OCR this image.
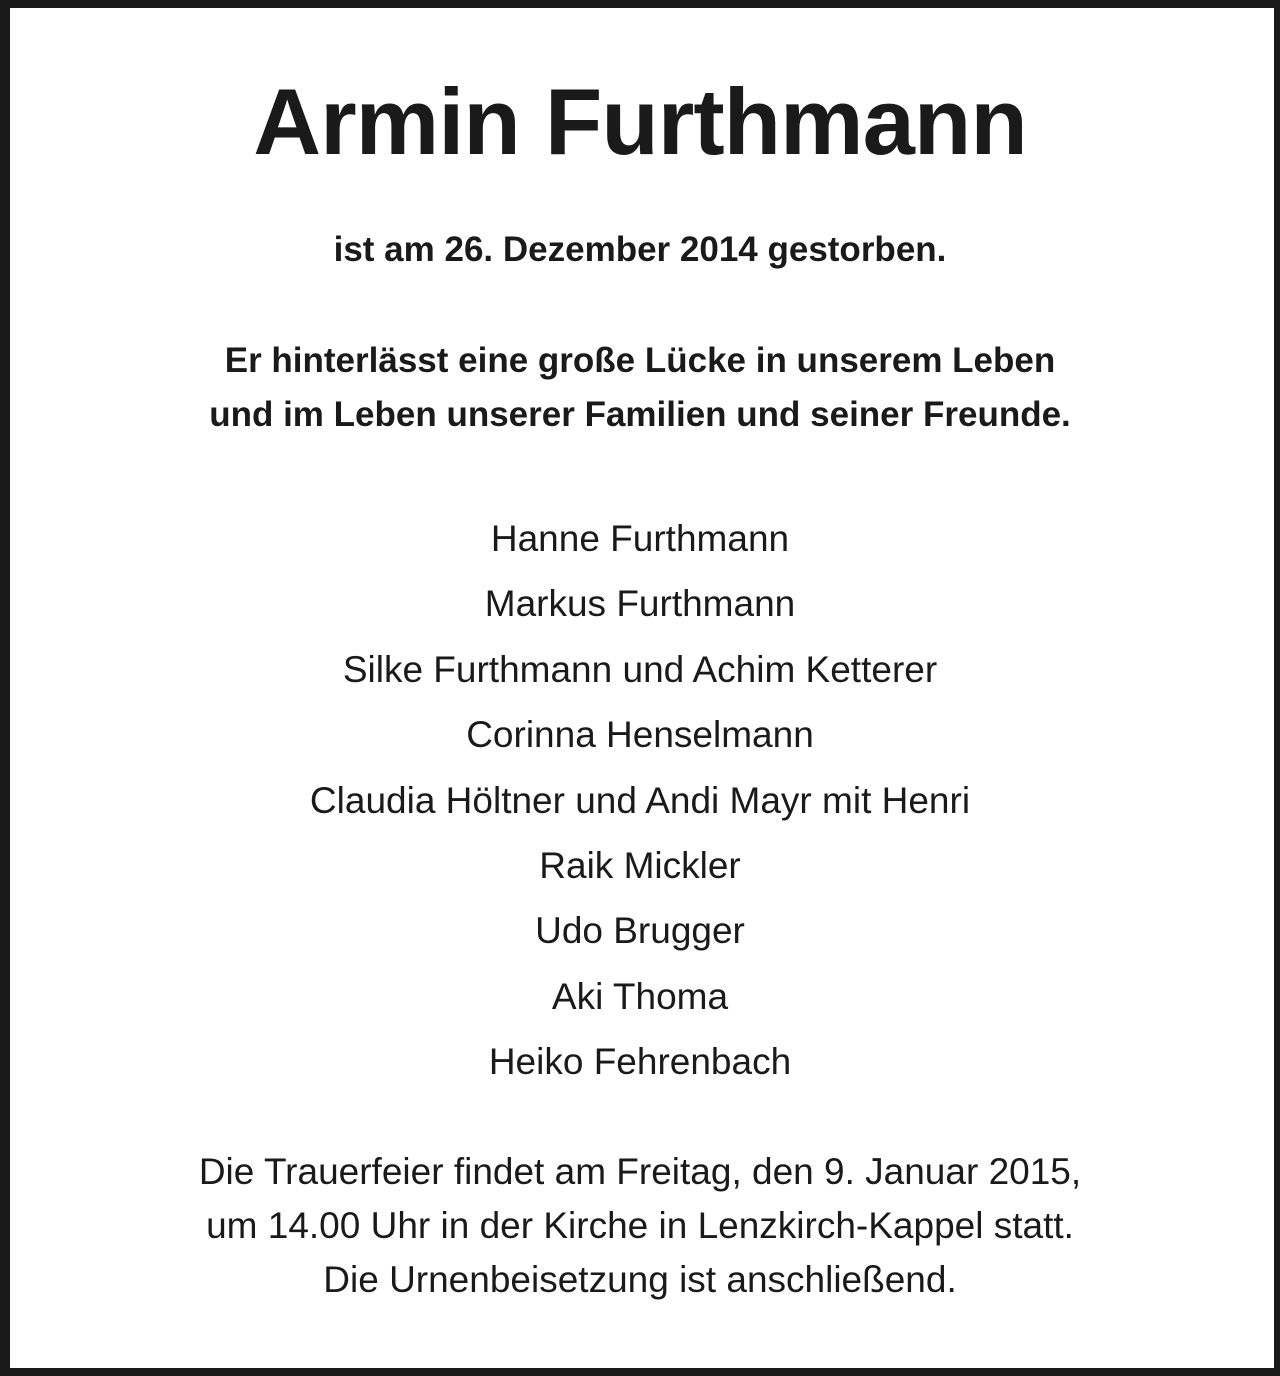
Armin Furthmann
ist am 26. Dezember 2014 gestorben.
Er hinterlässt eine große Lücke in unserem Leben
und im Leben unserer Familien und seiner Freunde.
Hanne Furthmann
Markus Furthmann
Silke Furthmann und Achim Ketterer
Corinna Henselmann
Claudia Höltner und Andi Mayr mit Henri
Raik Mickler
Udo Brugger
Aki Thoma
Heiko Fehrenbach
Die Trauerfeier findet am Freitag, den 9. Januar 2015,
um 14.00 Uhr in der Kirche in Lenzkirch-Kappel statt.
Die Urnenbeisetzung ist anschließend.
